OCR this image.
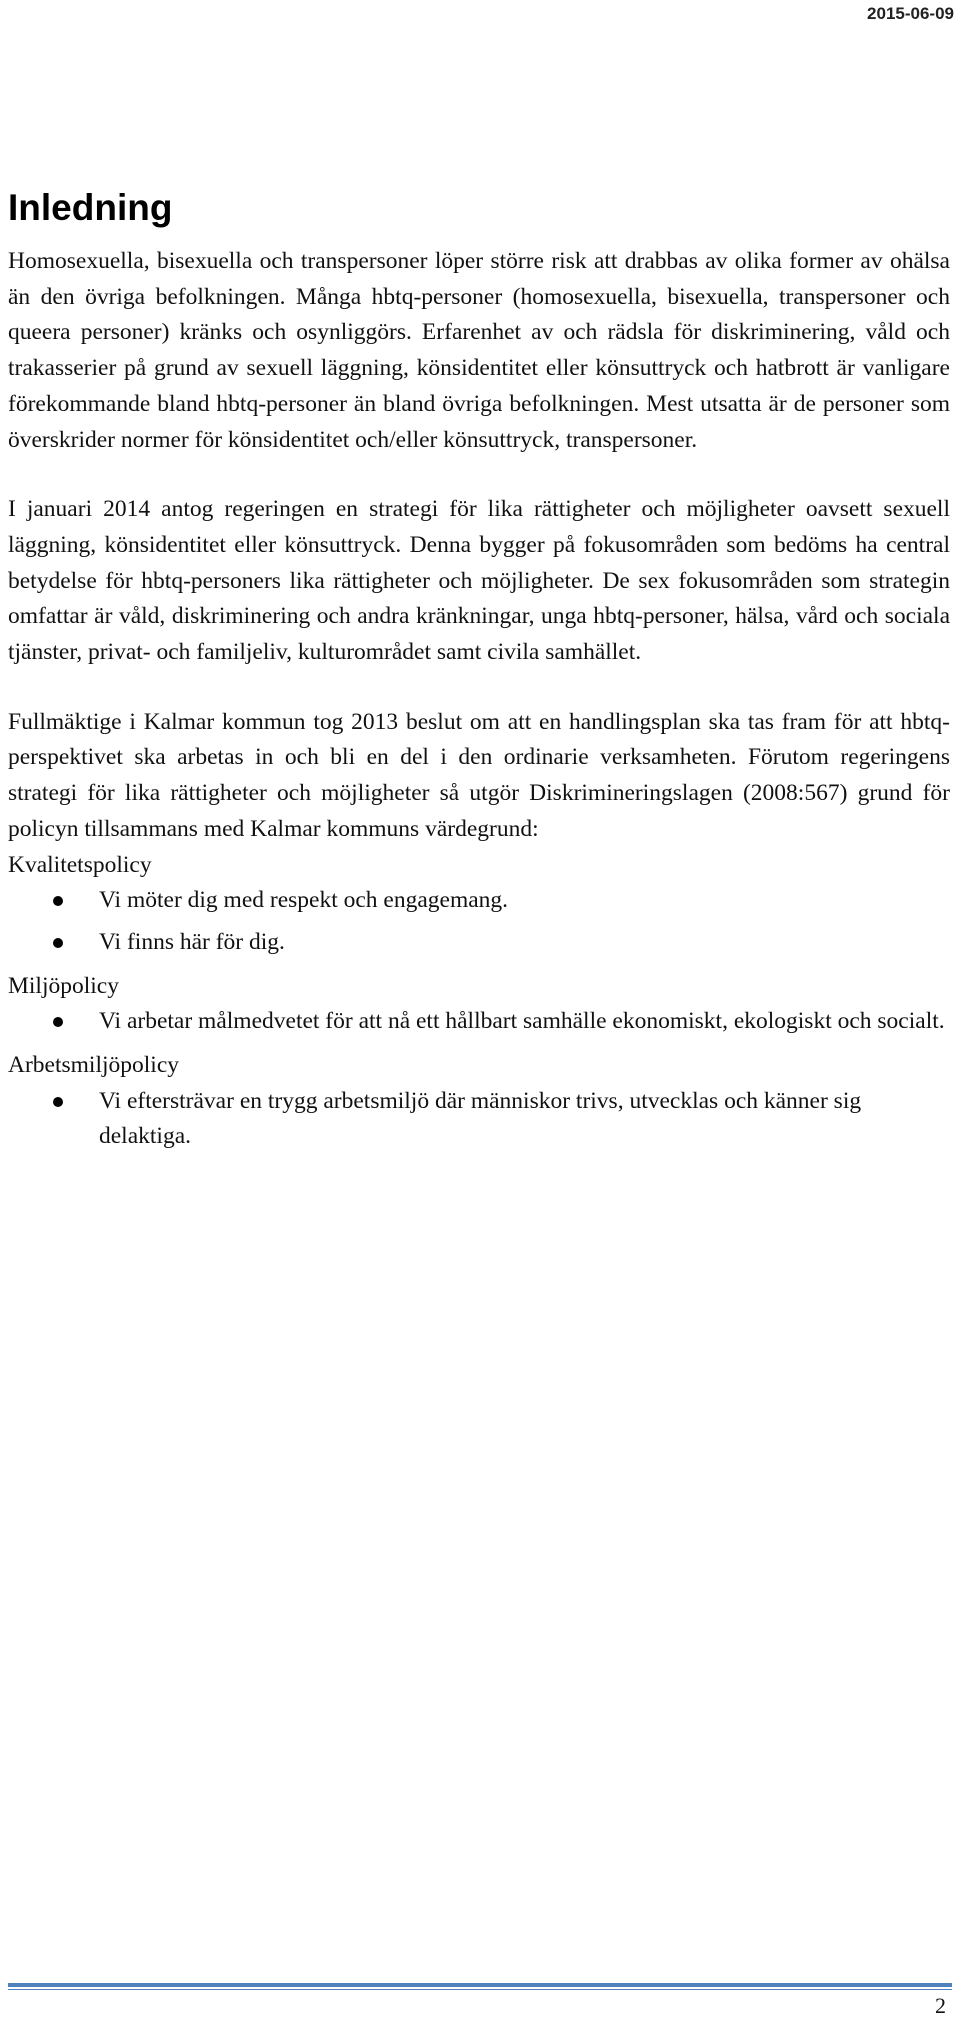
2015-06-09
Inledning

Homosexuella, bisexuella och transpersoner löper större risk att drabbas av olika former av ohälsa än den övriga befolkningen. Många hbtq-personer (homosexuella, bisexuella, transpersoner och queera personer) kränks och osynliggörs. Erfarenhet av och rädsla för diskriminering, våld och trakasserier på grund av sexuell läggning, könsidentitet eller könsuttryck och hatbrott är vanligare förekommande bland hbtq-personer än bland övriga befolkningen. Mest utsatta är de personer som överskrider normer för könsidentitet och/eller könsuttryck, transpersoner.

I januari 2014 antog regeringen en strategi för lika rättigheter och möjligheter oavsett sexuell läggning, könsidentitet eller könsuttryck. Denna bygger på fokusområden som bedöms ha central betydelse för hbtq-personers lika rättigheter och möjligheter. De sex fokusområden som strategin omfattar är våld, diskriminering och andra kränkningar, unga hbtq-personer, hälsa, vård och sociala tjänster, privat- och familjeliv, kulturområdet samt civila samhället.

Fullmäktige i Kalmar kommun tog 2013 beslut om att en handlingsplan ska tas fram för att hbtq-perspektivet ska arbetas in och bli en del i den ordinarie verksamheten. Förutom regeringens strategi för lika rättigheter och möjligheter så utgör Diskrimineringslagen (2008:567) grund för policyn tillsammans med Kalmar kommuns värdegrund:

Kvalitetspolicy

Vi möter dig med respekt och engagemang.
Vi finns här för dig.

Miljöpolicy

Vi arbetar målmedvetet för att nå ett hållbart samhälle ekonomiskt, ekologiskt och socialt.

Arbetsmiljöpolicy

Vi eftersträvar en trygg arbetsmiljö där människor trivs, utvecklas och känner sig delaktiga.
2
